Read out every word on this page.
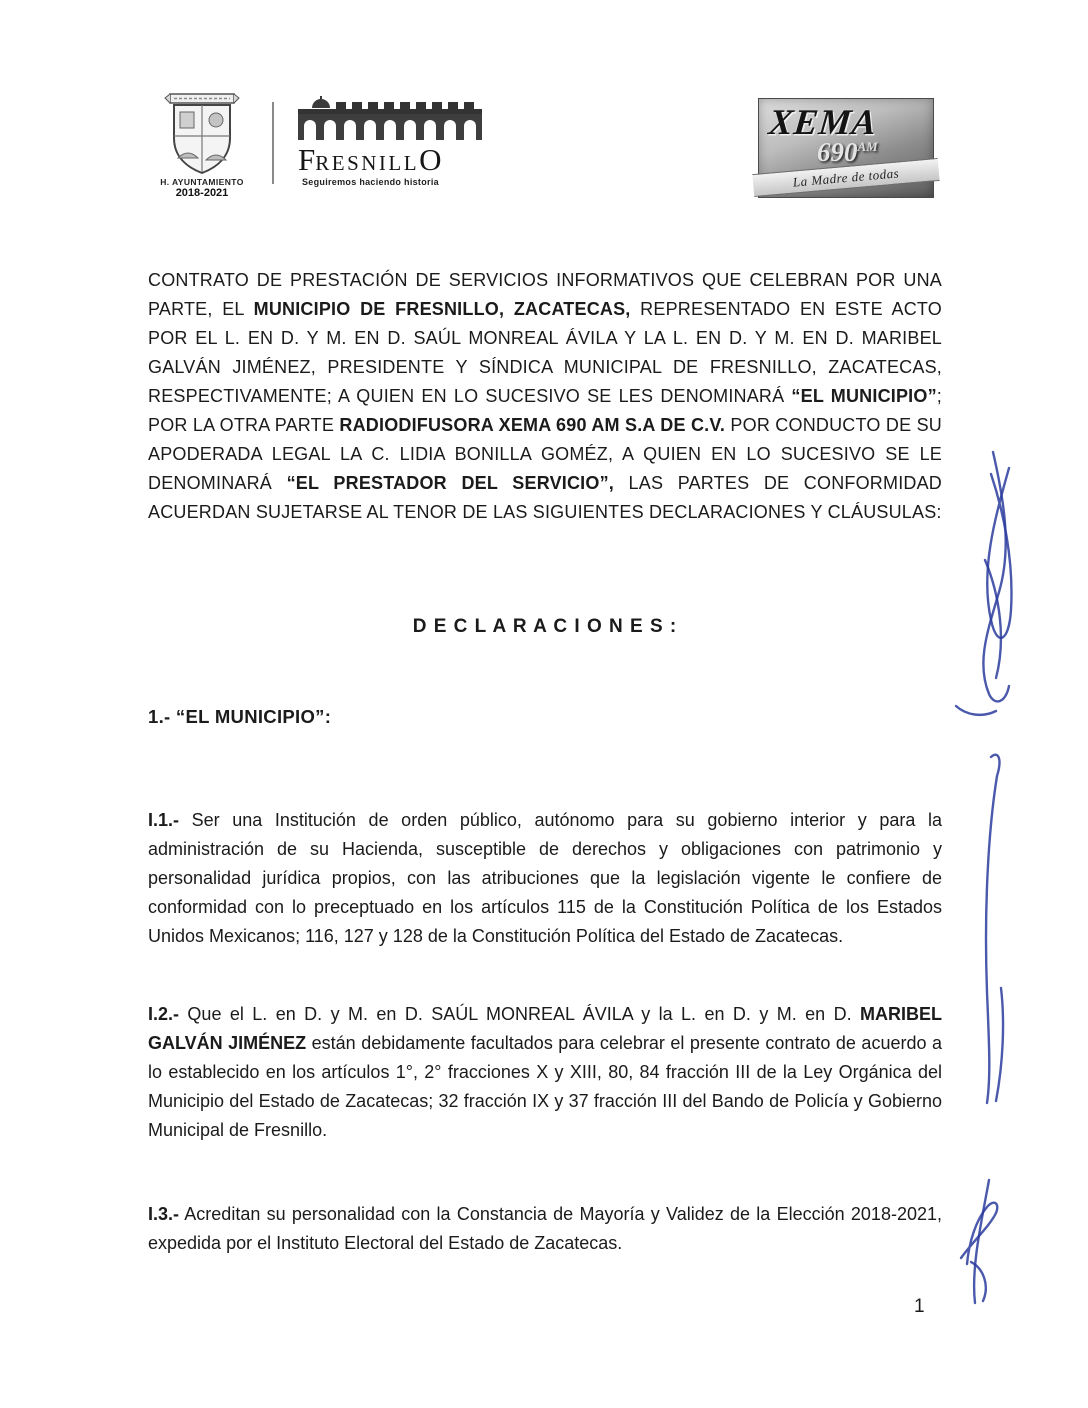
H. AYUNTAMIENTO
2018-2021
FRESNILLO
Seguiremos haciendo historia
XEMA
$690^{AM}$
La Madre de todas

CONTRATO DE PRESTACIÓN DE SERVICIOS INFORMATIVOS QUE CELEBRAN POR UNA PARTE, EL MUNICIPIO DE FRESNILLO, ZACATECAS, REPRESENTADO EN ESTE ACTO POR EL L. EN D. Y M. EN D. SAÚL MONREAL ÁVILA Y LA L. EN D. Y M. EN D. MARIBEL GALVÁN JIMÉNEZ, PRESIDENTE Y SÍNDICA MUNICIPAL DE FRESNILLO, ZACATECAS, RESPECTIVAMENTE; A QUIEN EN LO SUCESIVO SE LES DENOMINARÁ “EL MUNICIPIO”; POR LA OTRA PARTE RADIODIFUSORA XEMA 690 AM S.A DE C.V. POR CONDUCTO DE SU APODERADA LEGAL LA C. LIDIA BONILLA GOMÉZ, A QUIEN EN LO SUCESIVO SE LE DENOMINARÁ “EL PRESTADOR DEL SERVICIO”, LAS PARTES DE CONFORMIDAD ACUERDAN SUJETARSE AL TENOR DE LAS SIGUIENTES DECLARACIONES Y CLÁUSULAS:

D E C L A R A C I O N E S :
1.- “EL MUNICIPIO”:

I.1.- Ser una Institución de orden público, autónomo para su gobierno interior y para la administración de su Hacienda, susceptible de derechos y obligaciones con patrimonio y personalidad jurídica propios, con las atribuciones que la legislación vigente le confiere de conformidad con lo preceptuado en los artículos 115 de la Constitución Política de los Estados Unidos Mexicanos; 116, 127 y 128 de la Constitución Política del Estado de Zacatecas.

I.2.- Que el L. en D. y M. en D. SAÚL MONREAL ÁVILA y la L. en D. y M. en D. MARIBEL GALVÁN JIMÉNEZ están debidamente facultados para celebrar el presente contrato de acuerdo a lo establecido en los artículos 1°, 2° fracciones X y XIII, 80, 84 fracción III de la Ley Orgánica del Municipio del Estado de Zacatecas; 32 fracción IX y 37 fracción III del Bando de Policía y Gobierno Municipal de Fresnillo.

I.3.- Acreditan su personalidad con la Constancia de Mayoría y Validez de la Elección 2018-2021, expedida por el Instituto Electoral del Estado de Zacatecas.

1
